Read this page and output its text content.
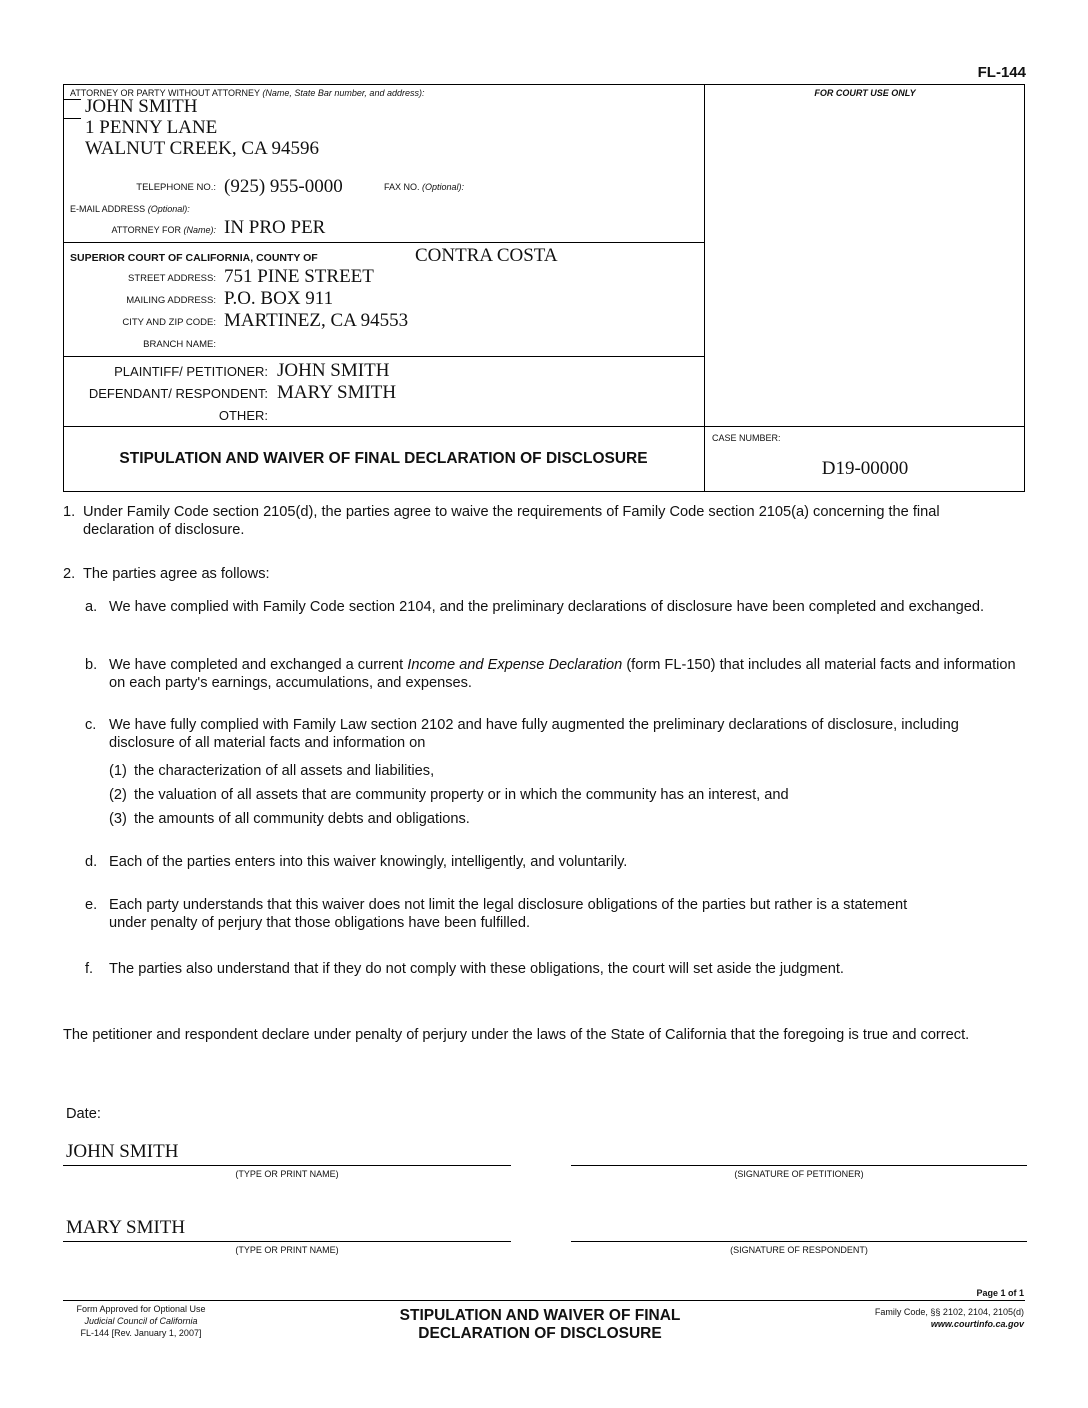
FL-144
ATTORNEY OR PARTY WITHOUT ATTORNEY (Name, State Bar number, and address):
JOHN SMITH
1 PENNY LANE
WALNUT CREEK, CA 94596
TELEPHONE NO.: (925) 955-0000	FAX NO. (Optional):
E-MAIL ADDRESS (Optional):
ATTORNEY FOR (Name): IN PRO PER
FOR COURT USE ONLY
SUPERIOR COURT OF CALIFORNIA, COUNTY OF	CONTRA COSTA
STREET ADDRESS: 751 PINE STREET
MAILING ADDRESS: P.O. BOX 911
CITY AND ZIP CODE: MARTINEZ, CA 94553
BRANCH NAME:
PLAINTIFF/ PETITIONER: JOHN SMITH
DEFENDANT/ RESPONDENT: MARY SMITH
OTHER:
STIPULATION AND WAIVER OF FINAL DECLARATION OF DISCLOSURE
CASE NUMBER:
D19-00000
1. Under Family Code section 2105(d), the parties agree to waive the requirements of Family Code section 2105(a) concerning the final declaration of disclosure.
2. The parties agree as follows:
a. We have complied with Family Code section 2104, and the preliminary declarations of disclosure have been completed and exchanged.
b. We have completed and exchanged a current Income and Expense Declaration (form FL-150) that includes all material facts and information on each party's earnings, accumulations, and expenses.
c. We have fully complied with Family Law section 2102 and have fully augmented the preliminary declarations of disclosure, including disclosure of all material facts and information on
(1) the characterization of all assets and liabilities,
(2) the valuation of all assets that are community property or in which the community has an interest, and
(3) the amounts of all community debts and obligations.
d. Each of the parties enters into this waiver knowingly, intelligently, and voluntarily.
e. Each party understands that this waiver does not limit the legal disclosure obligations of the parties but rather is a statement under penalty of perjury that those obligations have been fulfilled.
f. The parties also understand that if they do not comply with these obligations, the court will set aside the judgment.
The petitioner and respondent declare under penalty of perjury under the laws of the State of California that the foregoing is true and correct.
Date:
JOHN SMITH
(TYPE OR PRINT NAME)	(SIGNATURE OF PETITIONER)
MARY SMITH
(TYPE OR PRINT NAME)	(SIGNATURE OF RESPONDENT)
Page 1 of 1
Form Approved for Optional Use
Judicial Council of California
FL-144 [Rev. January 1, 2007]
STIPULATION AND WAIVER OF FINAL
DECLARATION OF DISCLOSURE
Family Code, §§ 2102, 2104, 2105(d)
www.courtinfo.ca.gov
